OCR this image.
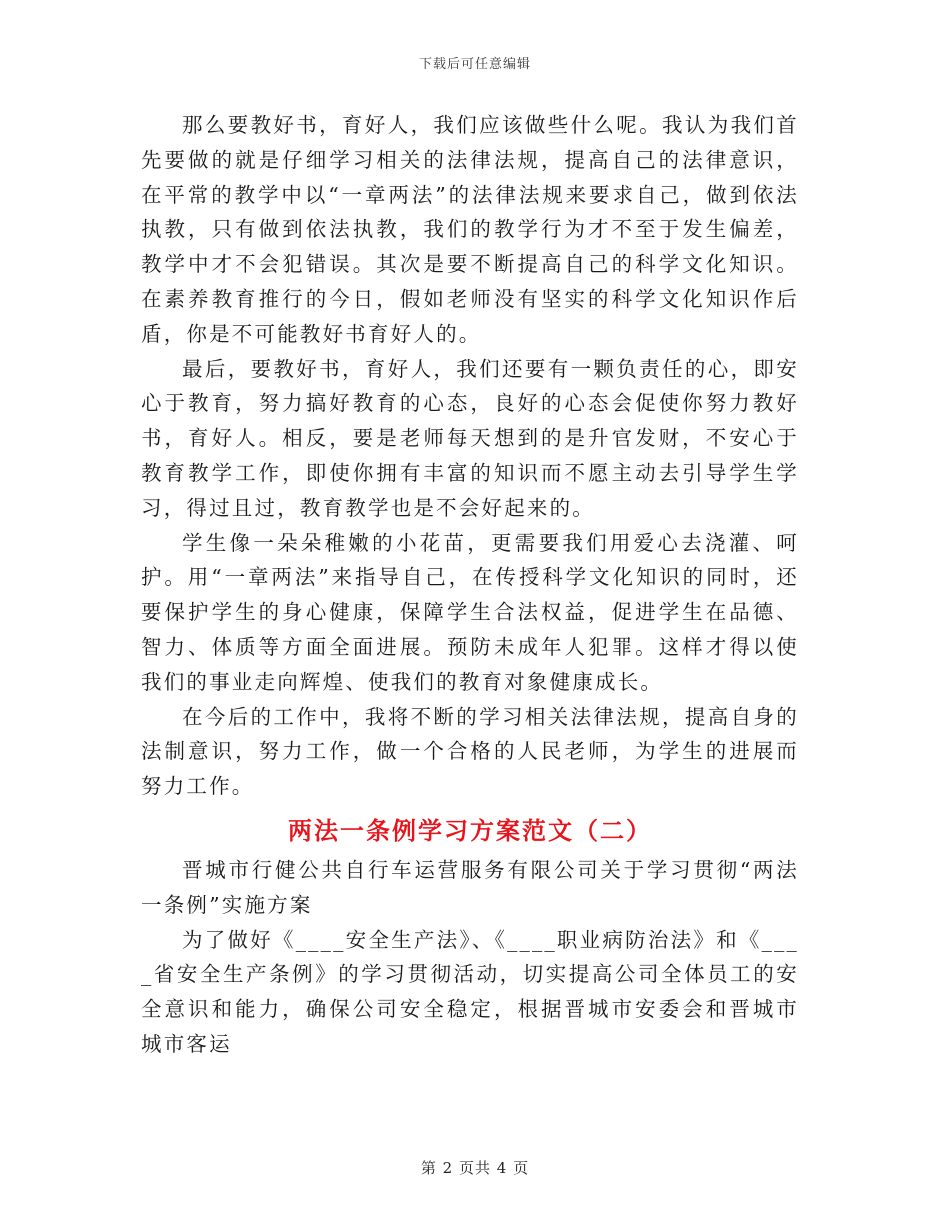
下载后可任意编辑

那么要教好书，育好人，我们应该做些什么呢。我认为我们首先要做的就是仔细学习相关的法律法规，提高自己的法律意识，在平常的教学中以“一章两法”的法律法规来要求自己，做到依法执教，只有做到依法执教，我们的教学行为才不至于发生偏差，教学中才不会犯错误。其次是要不断提高自己的科学文化知识。在素养教育推行的今日，假如老师没有坚实的科学文化知识作后盾，你是不可能教好书育好人的。

最后，要教好书，育好人，我们还要有一颗负责任的心，即安心于教育，努力搞好教育的心态，良好的心态会促使你努力教好书，育好人。相反，要是老师每天想到的是升官发财，不安心于教育教学工作，即使你拥有丰富的知识而不愿主动去引导学生学习，得过且过，教育教学也是不会好起来的。

学生像一朵朵稚嫩的小花苗，更需要我们用爱心去浇灌、呵护。用“一章两法”来指导自己，在传授科学文化知识的同时，还要保护学生的身心健康，保障学生合法权益，促进学生在品德、智力、体质等方面全面进展。预防未成年人犯罪。这样才得以使我们的事业走向辉煌、使我们的教育对象健康成长。

在今后的工作中，我将不断的学习相关法律法规，提高自身的法制意识，努力工作，做一个合格的人民老师，为学生的进展而努力工作。

两法一条例学习方案范文（二）

晋城市行健公共自行车运营服务有限公司关于学习贯彻“两法一条例”实施方案

为了做好《____安全生产法》、《____职业病防治法》和《____省安全生产条例》的学习贯彻活动，切实提高公司全体员工的安全意识和能力，确保公司安全稳定，根据晋城市安委会和晋城市城市客运

第 2 页共 4 页
